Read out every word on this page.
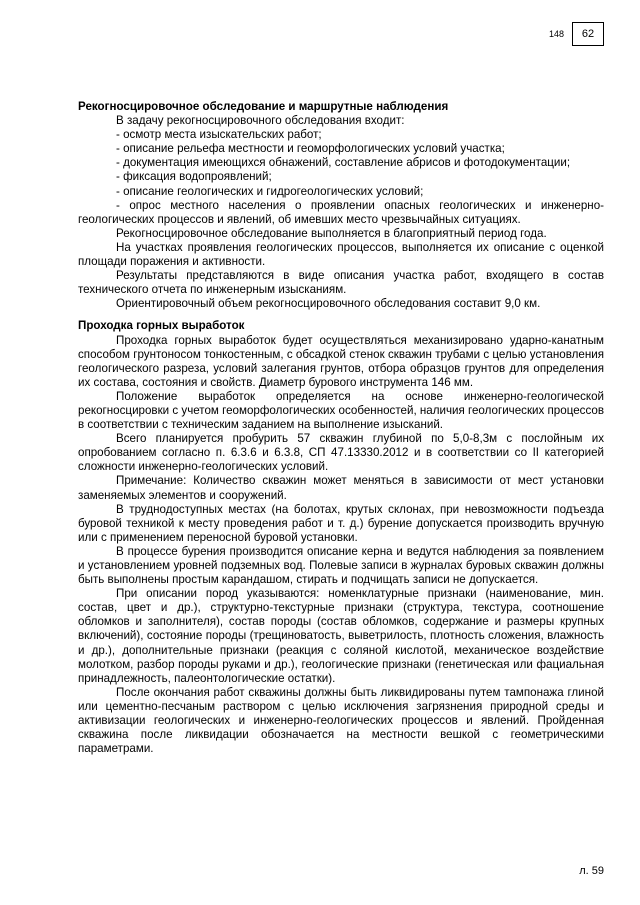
148	62

Рекогносцировочное обследование и маршрутные наблюдения

В задачу рекогносцировочного обследования входит:

- осмотр места изыскательских работ;

- описание рельефа местности и геоморфологических условий участка;

- документация имеющихся обнажений, составление абрисов и фотодокументации;

- фиксация водопроявлений;

- описание геологических и гидрогеологических условий;

- опрос местного населения о проявлении опасных геологических и инженерно-геологических процессов и явлений, об имевших место чрезвычайных ситуациях.

Рекогносцировочное обследование выполняется в благоприятный период года.

На участках проявления геологических процессов, выполняется их описание с оценкой площади поражения и активности.

Результаты представляются в виде описания участка работ, входящего в состав технического отчета по инженерным изысканиям.

Ориентировочный объем рекогносцировочного обследования составит 9,0 км.

Проходка горных выработок

Проходка горных выработок будет осуществляться механизировано ударно-канатным способом грунтоносом тонкостенным, с обсадкой стенок скважин трубами с целью установления геологического разреза, условий залегания грунтов, отбора образцов грунтов для определения их состава, состояния и свойств. Диаметр бурового инструмента 146 мм.

Положение выработок определяется на основе инженерно-геологической рекогносцировки с учетом геоморфологических особенностей, наличия геологических процессов в соответствии с техническим заданием на выполнение изысканий.

Всего планируется пробурить 57 скважин глубиной по 5,0-8,3м с послойным их опробованием согласно п. 6.3.6 и 6.3.8, СП 47.13330.2012 и в соответствии со II категорией сложности инженерно-геологических условий.

Примечание: Количество скважин может меняться в зависимости от мест установки заменяемых элементов и сооружений.

В труднодоступных местах (на болотах, крутых склонах, при невозможности подъезда буровой техникой к месту проведения работ и т. д.) бурение допускается производить вручную или с применением переносной буровой установки.

В процессе бурения производится описание керна и ведутся наблюдения за появлением и установлением уровней подземных вод. Полевые записи в журналах буровых скважин должны быть выполнены простым карандашом, стирать и подчищать записи не допускается.

При описании пород указываются: номенклатурные признаки (наименование, мин. состав, цвет и др.), структурно-текстурные признаки (структура, текстура, соотношение обломков и заполнителя), состав породы (состав обломков, содержание и размеры крупных включений), состояние породы (трещиноватость, выветрилость, плотность сложения, влажность и др.), дополнительные признаки (реакция с соляной кислотой, механическое воздействие молотком, разбор породы руками и др.), геологические признаки (генетическая или фациальная принадлежность, палеонтологические остатки).

После окончания работ скважины должны быть ликвидированы путем тампонажа глиной или цементно-песчаным раствором с целью исключения загрязнения природной среды и активизации геологических и инженерно-геологических процессов и явлений. Пройденная скважина после ликвидации обозначается на местности вешкой с геометрическими параметрами.

л. 59
